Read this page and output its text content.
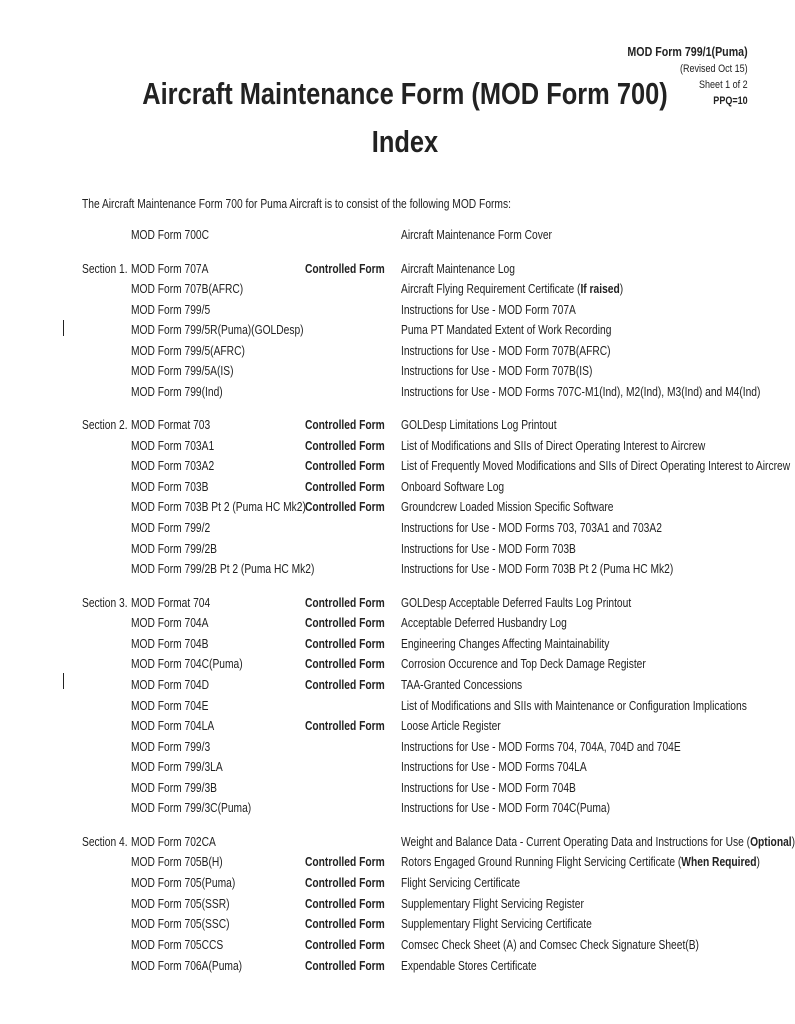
MOD Form 799/1(Puma)
(Revised Oct 15)
Sheet 1 of 2
PPQ=10
Aircraft Maintenance Form (MOD Form 700)
Index
The Aircraft Maintenance Form 700 for Puma Aircraft is to consist of the following MOD Forms:
MOD Form 700C	Aircraft Maintenance Form Cover
Section 1. MOD Form 707A	Controlled Form Aircraft Maintenance Log
MOD Form 707B(AFRC)	Aircraft Flying Requirement Certificate (If raised)
MOD Form 799/5	Instructions for Use - MOD Form 707A
MOD Form 799/5R(Puma)(GOLDesp)	Puma PT Mandated Extent of Work Recording
MOD Form 799/5(AFRC)	Instructions for Use - MOD Form 707B(AFRC)
MOD Form 799/5A(IS)	Instructions for Use - MOD Form 707B(IS)
MOD Form 799(Ind)	Instructions for Use - MOD Forms 707C-M1(Ind), M2(Ind), M3(Ind) and M4(Ind)
Section 2. MOD Format 703	Controlled Form GOLDesp Limitations Log Printout
MOD Form 703A1	Controlled Form List of Modifications and SIIs of Direct Operating Interest to Aircrew
MOD Form 703A2	Controlled Form List of Frequently Moved Modifications and SIIs of Direct Operating Interest to Aircrew
MOD Form 703B	Controlled Form Onboard Software Log
MOD Form 703B Pt 2 (Puma HC Mk2) Controlled Form Groundcrew Loaded Mission Specific Software
MOD Form 799/2	Instructions for Use - MOD Forms 703, 703A1 and 703A2
MOD Form 799/2B	Instructions for Use - MOD Form 703B
MOD Form 799/2B Pt 2 (Puma HC Mk2)	Instructions for Use - MOD Form 703B Pt 2 (Puma HC Mk2)
Section 3. MOD Format 704	Controlled Form GOLDesp Acceptable Deferred Faults Log Printout
MOD Form 704A	Controlled Form Acceptable Deferred Husbandry Log
MOD Form 704B	Controlled Form Engineering Changes Affecting Maintainability
MOD Form 704C(Puma)	Controlled Form Corrosion Occurence and Top Deck Damage Register
MOD Form 704D	Controlled Form TAA-Granted Concessions
MOD Form 704E	List of Modifications and SIIs with Maintenance or Configuration Implications
MOD Form 704LA	Controlled Form Loose Article Register
MOD Form 799/3	Instructions for Use - MOD Forms 704, 704A, 704D and 704E
MOD Form 799/3LA	Instructions for Use - MOD Forms 704LA
MOD Form 799/3B	Instructions for Use - MOD Form 704B
MOD Form 799/3C(Puma)	Instructions for Use - MOD Form 704C(Puma)
Section 4. MOD Form 702CA	Weight and Balance Data - Current Operating Data and Instructions for Use (Optional)
MOD Form 705B(H)	Controlled Form Rotors Engaged Ground Running Flight Servicing Certificate (When Required)
MOD Form 705(Puma)	Controlled Form Flight Servicing Certificate
MOD Form 705(SSR)	Controlled Form Supplementary Flight Servicing Register
MOD Form 705(SSC)	Controlled Form Supplementary Flight Servicing Certificate
MOD Form 705CCS	Controlled Form Comsec Check Sheet (A) and Comsec Check Signature Sheet(B)
MOD Form 706A(Puma)	Controlled Form Expendable Stores Certificate
